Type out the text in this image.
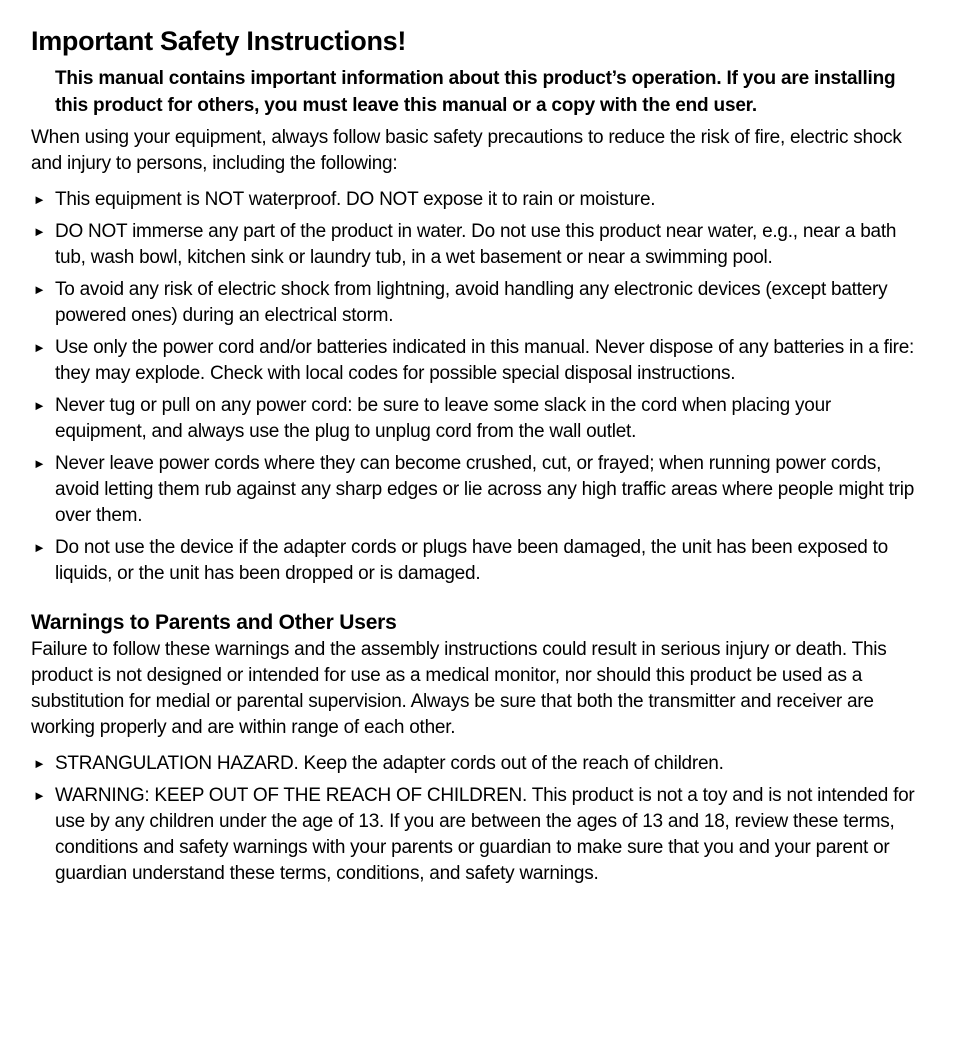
Important Safety Instructions!

This manual contains important information about this product’s operation. If you are installing this product for others, you must leave this manual or a copy with the end user.

When using your equipment, always follow basic safety precautions to reduce the risk of fire, electric shock and injury to persons, including the following:

► This equipment is NOT waterproof. DO NOT expose it to rain or moisture.
► DO NOT immerse any part of the product in water. Do not use this product near water, e.g., near a bath tub, wash bowl, kitchen sink or laundry tub, in a wet basement or near a swimming pool.
► To avoid any risk of electric shock from lightning, avoid handling any electronic devices (except battery powered ones) during an electrical storm.
► Use only the power cord and/or batteries indicated in this manual. Never dispose of any batteries in a fire: they may explode. Check with local codes for possible special disposal instructions.
► Never tug or pull on any power cord: be sure to leave some slack in the cord when placing your equipment, and always use the plug to unplug cord from the wall outlet.
► Never leave power cords where they can become crushed, cut, or frayed; when running power cords, avoid letting them rub against any sharp edges or lie across any high traffic areas where people might trip over them.
► Do not use the device if the adapter cords or plugs have been damaged, the unit has been exposed to liquids, or the unit has been dropped or is damaged.
Warnings to Parents and Other Users

Failure to follow these warnings and the assembly instructions could result in serious injury or death. This product is not designed or intended for use as a medical monitor, nor should this product be used as a substitution for medial or parental supervision. Always be sure that both the transmitter and receiver are working properly and are within range of each other.

► STRANGULATION HAZARD. Keep the adapter cords out of the reach of children.
► WARNING: KEEP OUT OF THE REACH OF CHILDREN. This product is not a toy and is not intended for use by any children under the age of 13. If you are between the ages of 13 and 18, review these terms, conditions and safety warnings with your parents or guardian to make sure that you and your parent or guardian understand these terms, conditions, and safety warnings.
